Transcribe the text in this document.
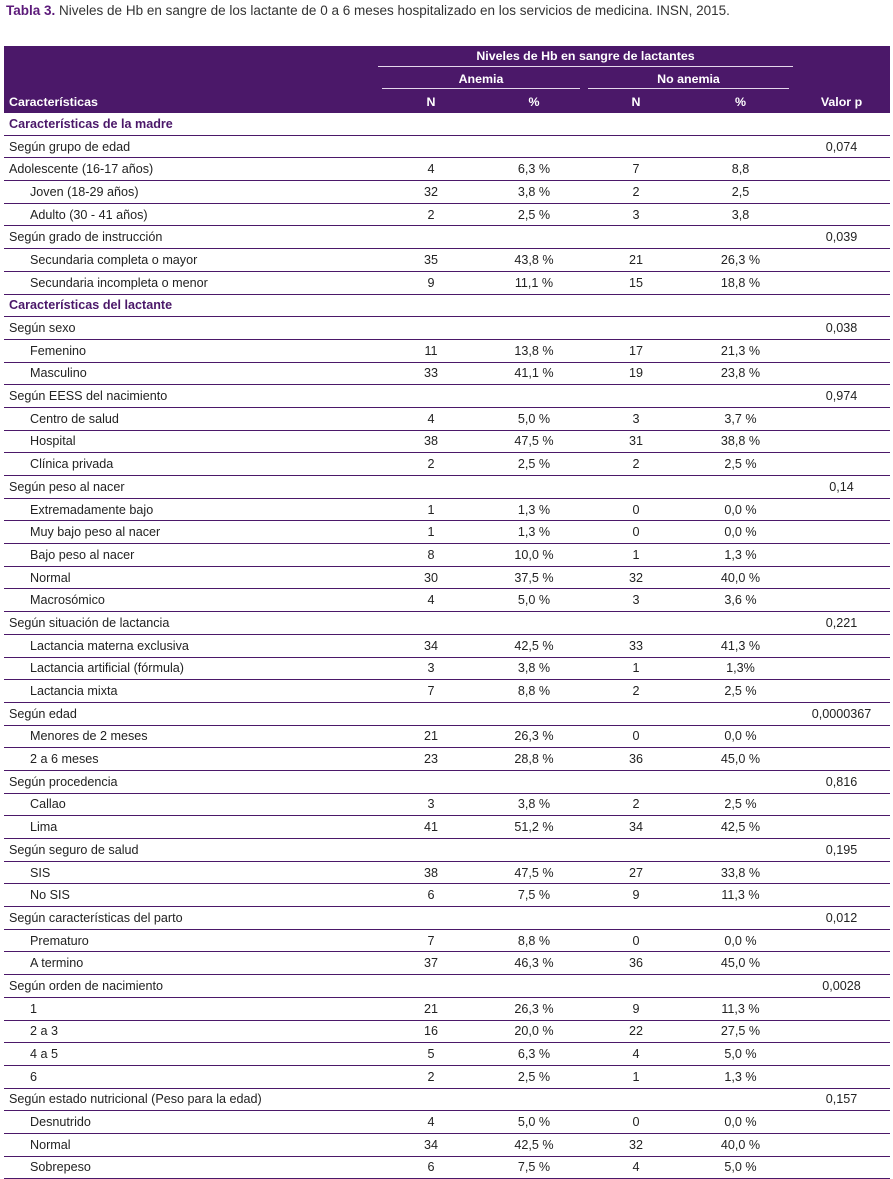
Tabla 3. Niveles de Hb en sangre de los lactante de 0 a 6 meses hospitalizado en los servicios de medicina. INSN, 2015.
Características	Niveles de Hb en sangre de lactantes				Valor p

	Anemia		No anemia		

	N	%	N	%	
Características de la madre					
Según grupo de edad					0,074
Adolescente (16-17 años)	4	6,3 %	7	8,8	
Joven (18-29 años)	32	3,8 %	2	2,5	
Adulto (30 - 41 años)	2	2,5 %	3	3,8	
Según grado de instrucción					0,039
Secundaria completa o mayor	35	43,8 %	21	26,3 %	
Secundaria incompleta o menor	9	11,1 %	15	18,8 %	
Características del lactante					
Según sexo					0,038
Femenino	11	13,8 %	17	21,3 %	
Masculino	33	41,1 %	19	23,8 %	
Según EESS del nacimiento					0,974
Centro de salud	4	5,0 %	3	3,7 %	
Hospital	38	47,5 %	31	38,8 %	
Clínica privada	2	2,5 %	2	2,5 %	
Según peso al nacer					0,14
Extremadamente bajo	1	1,3 %	0	0,0 %	
Muy bajo peso al nacer	1	1,3 %	0	0,0 %	
Bajo peso al nacer	8	10,0 %	1	1,3 %	
Normal	30	37,5 %	32	40,0 %	
Macrosómico	4	5,0 %	3	3,6 %	
Según situación de lactancia					0,221
Lactancia materna exclusiva	34	42,5 %	33	41,3 %	
Lactancia artificial (fórmula)	3	3,8 %	1	1,3%	
Lactancia mixta	7	8,8 %	2	2,5 %	
Según edad					0,0000367
Menores de 2 meses	21	26,3 %	0	0,0 %	
2 a 6 meses	23	28,8 %	36	45,0 %	
Según procedencia					0,816
Callao	3	3,8 %	2	2,5 %	
Lima	41	51,2 %	34	42,5 %	
Según seguro de salud					0,195
SIS	38	47,5 %	27	33,8 %	
No SIS	6	7,5 %	9	11,3 %	
Según características del parto					0,012
Prematuro	7	8,8 %	0	0,0 %	
A termino	37	46,3 %	36	45,0 %	
Según orden de nacimiento					0,0028
1	21	26,3 %	9	11,3 %	
2 a 3	16	20,0 %	22	27,5 %	
4 a 5	5	6,3 %	4	5,0 %	
6	2	2,5 %	1	1,3 %	
Según estado nutricional (Peso para la edad)					0,157
Desnutrido	4	5,0 %	0	0,0 %	
Normal	34	42,5 %	32	40,0 %	
Sobrepeso	6	7,5 %	4	5,0 %	
